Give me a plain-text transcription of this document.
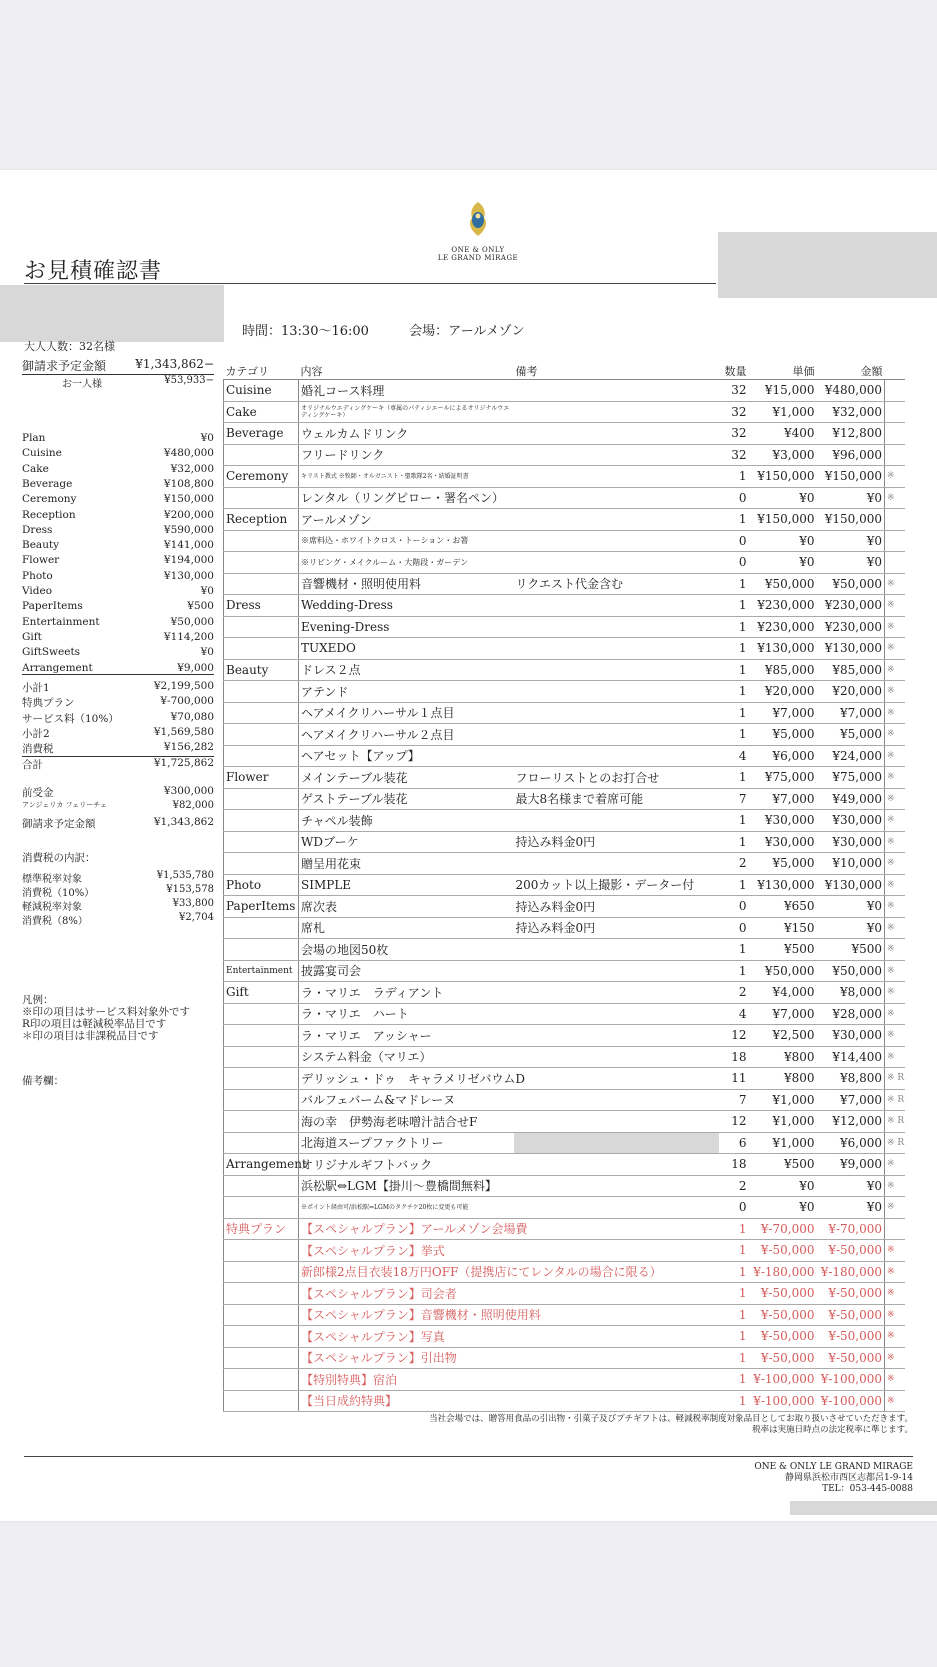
お見積確認書
ONE & ONLY
LE GRAND MIRAGE
時間：13:30〜16:00	会場：アールメゾン
大人人数：32名様
御請求予定金額 ¥1,343,862−
お一人様	¥53,933−
Plan	¥0
Cuisine	¥480,000
Cake	¥32,000
Beverage	¥108,800
Ceremony	¥150,000
Reception	¥200,000
Dress	¥590,000
Beauty	¥141,000
Flower	¥194,000
Photo	¥130,000
Video	¥0
PaperItems	¥500
Entertainment	¥50,000
Gift	¥114,200
GiftSweets	¥0
Arrangement	¥9,000
小計1	¥2,199,500
特典プラン	¥-700,000
サービス料（10%）	¥70,080
小計2	¥1,569,580
消費税	¥156,282
合計	¥1,725,862
前受金	¥300,000
アンジェリカ フェリーチェ	¥82,000
御請求予定金額	¥1,343,862
消費税の内訳：
標準税率対象	¥1,535,780
消費税（10%）	¥153,578
軽減税率対象	¥33,800
消費税（8%）	¥2,704
凡例：
※印の項目はサービス料対象外です
R印の項目は軽減税率品目です
＊印の項目は非課税品目です
備考欄：
カテゴリ	内容	備考	数量	単価	金額	
Cuisine	婚礼コース料理		32	¥15,000	¥480,000	
Cake	オリジナルウエディングケーキ（専属のパティシエールによるオリジナルウエディングケーキ）		32	¥1,000	¥32,000	
Beverage	ウェルカムドリンク		32	¥400	¥12,800	
	フリードリンク		32	¥3,000	¥96,000	
Ceremony	キリスト教式 ※牧師・オルガニスト・聖歌隊2名・結婚証明書		1	¥150,000	¥150,000	※
	レンタル（リングピロー・署名ペン）		0	¥0	¥0	※
Reception	アールメゾン		1	¥150,000	¥150,000	
	※席料込・ホワイトクロス・トーション・お箸		0	¥0	¥0	
	※リビング・メイクルーム・大階段・ガーデン		0	¥0	¥0	
	音響機材・照明使用料	リクエスト代金含む	1	¥50,000	¥50,000	※
Dress	Wedding-Dress		1	¥230,000	¥230,000	※
	Evening-Dress		1	¥230,000	¥230,000	※
	TUXEDO		1	¥130,000	¥130,000	※
Beauty	ドレス２点		1	¥85,000	¥85,000	※
	アテンド		1	¥20,000	¥20,000	※
	ヘアメイクリハーサル１点目		1	¥7,000	¥7,000	※
	ヘアメイクリハーサル２点目		1	¥5,000	¥5,000	※
	ヘアセット【アップ】		4	¥6,000	¥24,000	※
Flower	メインテーブル装花	フローリストとのお打合せ	1	¥75,000	¥75,000	※
	ゲストテーブル装花	最大8名様まで着席可能	7	¥7,000	¥49,000	※
	チャペル装飾		1	¥30,000	¥30,000	※
	WDブーケ	持込み料金0円	1	¥30,000	¥30,000	※
	贈呈用花束		2	¥5,000	¥10,000	※
Photo	SIMPLE	200カット以上撮影・データー付	1	¥130,000	¥130,000	※
PaperItems	席次表	持込み料金0円	0	¥650	¥0	※
	席札	持込み料金0円	0	¥150	¥0	※
	会場の地図50枚		1	¥500	¥500	※
Entertainment	披露宴司会		1	¥50,000	¥50,000	※
Gift	ラ・マリエ　ラディアント		2	¥4,000	¥8,000	※
	ラ・マリエ　ハート		4	¥7,000	¥28,000	※
	ラ・マリエ　アッシャー		12	¥2,500	¥30,000	※
	システム料金（マリエ）		18	¥800	¥14,400	※
	デリッシュ・ドゥ　キャラメリゼバウムD		11	¥800	¥8,800	※ R
	バルフェバーム&マドレーヌ		7	¥1,000	¥7,000	※ R
	海の幸　伊勢海老味噌汁詰合せF		12	¥1,000	¥12,000	※ R
	北海道スープファクトリー		6	¥1,000	¥6,000	※ R
Arrangement	オリジナルギフトバック		18	¥500	¥9,000	※
	浜松駅⇔LGM【掛川〜豊橋間無料】		2	¥0	¥0	※
	※ポイント経由可/浜松駅⇔LGMのタクチケ20枚に変更も可能		0	¥0	¥0	※
特典プラン	【スペシャルプラン】アールメゾン会場費		1	¥-70,000	¥-70,000	
	【スペシャルプラン】挙式		1	¥-50,000	¥-50,000	※
	新郎様2点目衣装18万円OFF（提携店にてレンタルの場合に限る）		1	¥-180,000	¥-180,000	※
	【スペシャルプラン】司会者		1	¥-50,000	¥-50,000	※
	【スペシャルプラン】音響機材・照明使用料		1	¥-50,000	¥-50,000	※
	【スペシャルプラン】写真		1	¥-50,000	¥-50,000	※
	【スペシャルプラン】引出物		1	¥-50,000	¥-50,000	※
	【特別特典】宿泊		1	¥-100,000	¥-100,000	※
	【当日成約特典】		1	¥-100,000	¥-100,000	※
当社会場では、贈答用食品の引出物・引菓子及びプチギフトは、軽減税率制度対象品目としてお取り扱いさせていただきます。
税率は実施日時点の法定税率に準じます。
ONE & ONLY LE GRAND MIRAGE
静岡県浜松市西区志都呂1-9-14
TEL：053-445-0088
